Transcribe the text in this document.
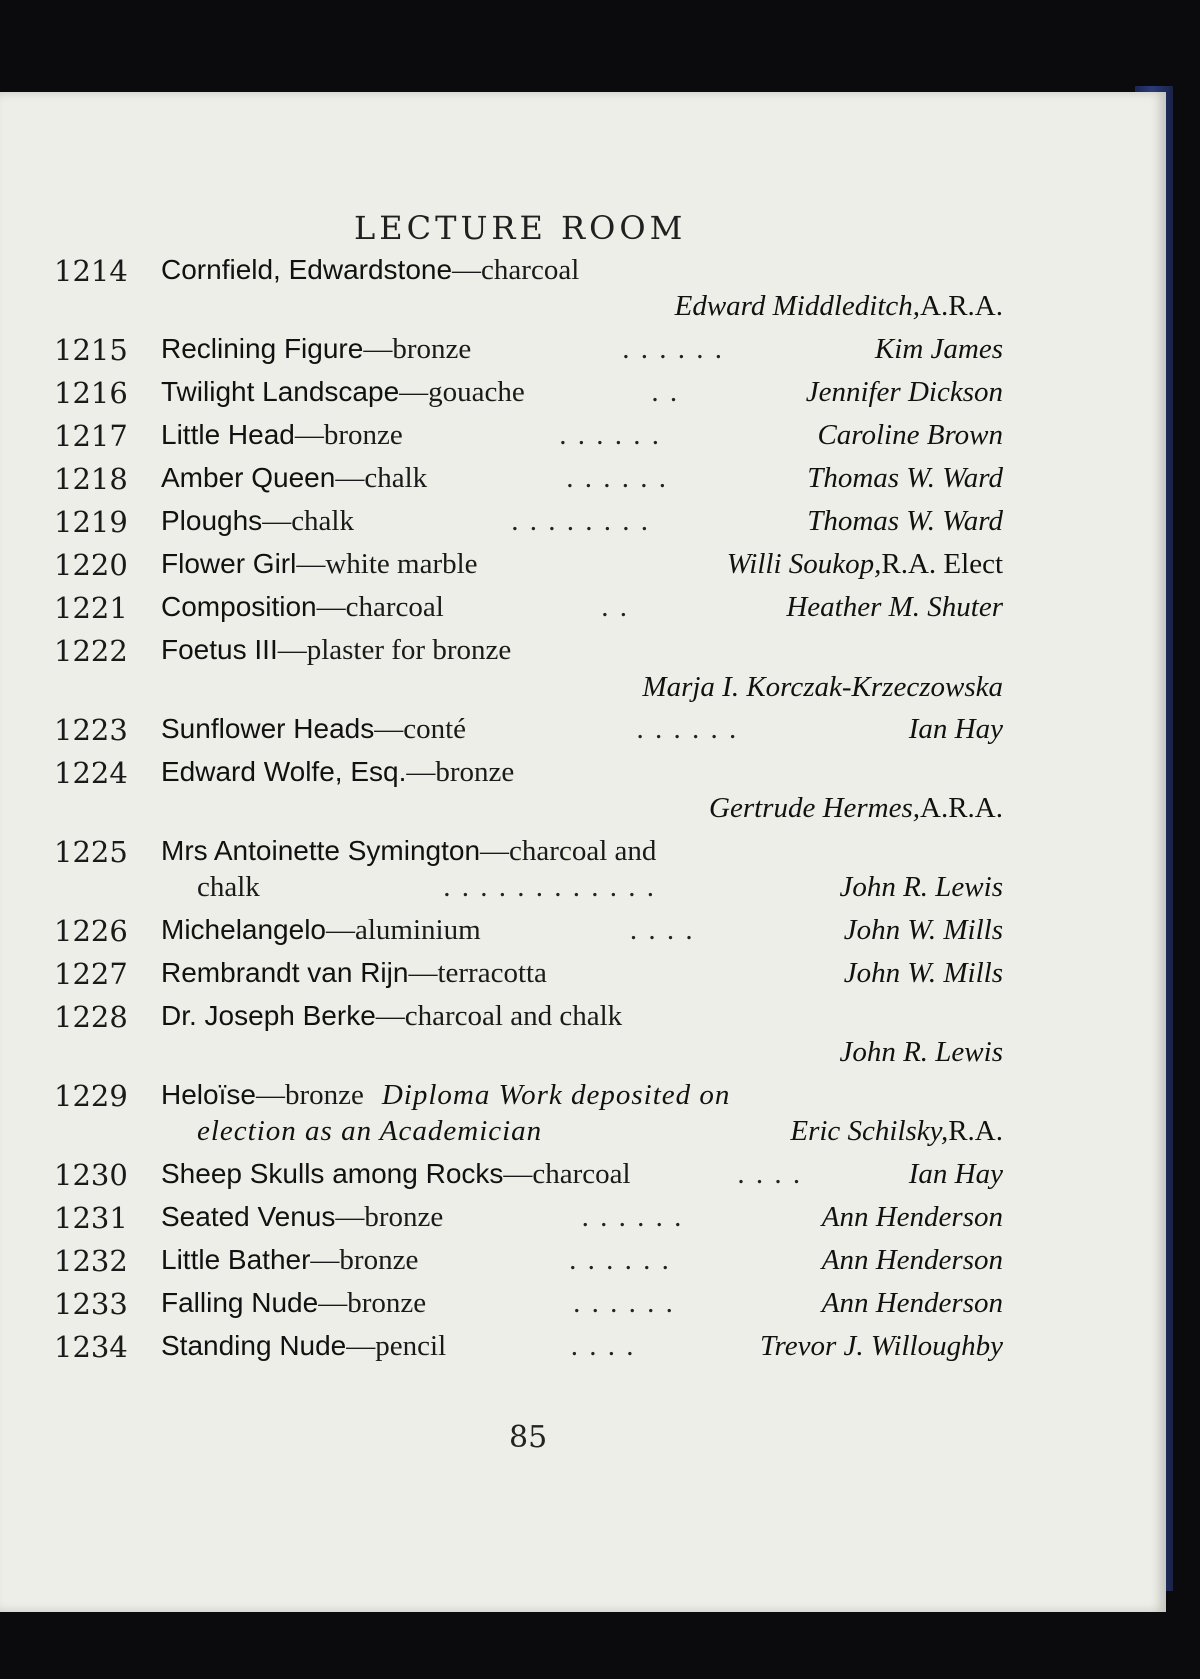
LECTURE ROOM
1214 Cornfield, Edwardstone —charcoal
Edward Middleditch, A.R.A.
1215 Reclining Figure —bronze	. . . . . .	Kim James
1216 Twilight Landscape —gouache	. .	Jennifer Dickson
1217 Little Head —bronze	. . . . . .	Caroline Brown
1218 Amber Queen —chalk	. . . . . .	Thomas W. Ward
1219 Ploughs —chalk	. . . . . . . .	Thomas W. Ward
1220 Flower Girl —white marble	Willi Soukop, R.A. Elect
1221 Composition —charcoal	. .	Heather M. Shuter
1222 Foetus III —plaster for bronze
Marja I. Korczak-Krzeczowska
1223 Sunflower Heads —conté	. . . . . .	Ian Hay
1224 Edward Wolfe, Esq. —bronze
Gertrude Hermes, A.R.A.
1225 Mrs Antoinette Symington —charcoal and
chalk	. . . . . . . . . . . .	John R. Lewis
1226 Michelangelo —aluminium	. . . .	John W. Mills
1227 Rembrandt van Rijn —terracotta	John W. Mills
1228 Dr. Joseph Berke —charcoal and chalk
John R. Lewis
1229 Heloïse —bronze Diploma Work deposited on
election as an Academician	Eric Schilsky, R.A.
1230 Sheep Skulls among Rocks —charcoal	. . . .	Ian Hay
1231 Seated Venus —bronze	. . . . . .	Ann Henderson
1232 Little Bather —bronze	. . . . . .	Ann Henderson
1233 Falling Nude —bronze	. . . . . .	Ann Henderson
1234 Standing Nude —pencil	. . . .	Trevor J. Willoughby
85
